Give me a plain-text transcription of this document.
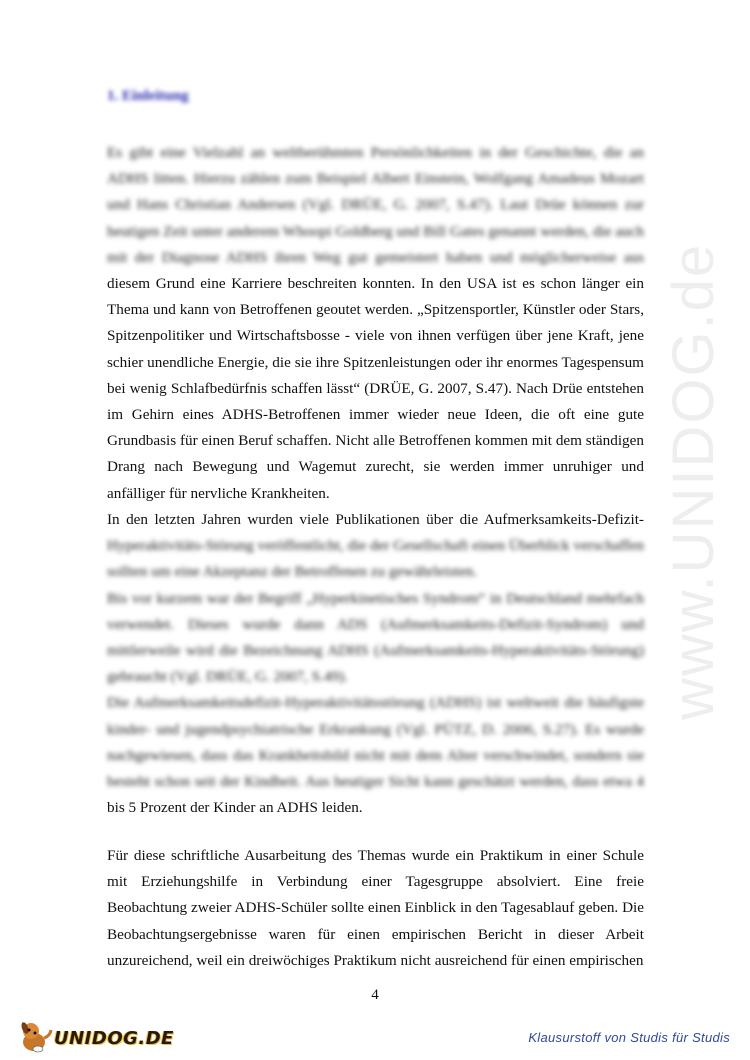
www.UNIDOG.de
1. Einleitung
Es gibt eine Vielzahl an weltberühmten Persönlichkeiten in der Geschichte, die an ADHS litten. Hierzu zählen zum Beispiel Albert Einstein, Wolfgang Amadeus Mozart und Hans Christian Andersen (Vgl. DRÜE, G. 2007, S.47). Laut Drüe können zur heutigen Zeit unter anderem Whoopi Goldberg und Bill Gates genannt werden, die auch mit der Diagnose ADHS ihren Weg gut gemeistert haben und möglicherweise aus diesem Grund eine Karriere beschreiten konnten. In den USA ist es schon länger ein Thema und kann von Betroffenen geoutet werden. „Spitzensportler, Künstler oder Stars, Spitzenpolitiker und Wirtschaftsbosse - viele von ihnen verfügen über jene Kraft, jene schier unendliche Energie, die sie ihre Spitzenleistungen oder ihr enormes Tagespensum bei wenig Schlafbedürfnis schaffen lässt“ (DRÜE, G. 2007, S.47). Nach Drüe entstehen im Gehirn eines ADHS-Betroffenen immer wieder neue Ideen, die oft eine gute Grundbasis für einen Beruf schaffen. Nicht alle Betroffenen kommen mit dem ständigen Drang nach Bewegung und Wagemut zurecht, sie werden immer unruhiger und anfälliger für nervliche Krankheiten.
In den letzten Jahren wurden viele Publikationen über die Aufmerksamkeits-Defizit- Hyperaktivitäts-Störung veröffentlicht, die der Gesellschaft einen Überblick verschaffen sollten um eine Akzeptanz der Betroffenen zu gewährleisten.
Bis vor kurzem war der Begriff „Hyperkinetisches Syndrom“ in Deutschland mehrfach verwendet. Dieses wurde dann ADS (Aufmerksamkeits-Defizit-Syndrom) und mittlerweile wird die Bezeichnung ADHS (Aufmerksamkeits-Hyperaktivitäts-Störung) gebraucht (Vgl. DRÜE, G. 2007, S.49).
Die Aufmerksamkeitsdefizit-Hyperaktivitätsstörung (ADHS) ist weltweit die häufigste kinder- und jugendpsychiatrische Erkrankung (Vgl. PÜTZ, D. 2006, S.27). Es wurde nachgewiesen, dass das Krankheitsbild nicht mit dem Alter verschwindet, sondern sie besteht schon seit der Kindheit. Aus heutiger Sicht kann geschätzt werden, dass etwa 4 bis 5 Prozent der Kinder an ADHS leiden.
Für diese schriftliche Ausarbeitung des Themas wurde ein Praktikum in einer Schule mit Erziehungshilfe in Verbindung einer Tagesgruppe absolviert. Eine freie Beobachtung zweier ADHS-Schüler sollte einen Einblick in den Tagesablauf geben. Die Beobachtungsergebnisse waren für einen empirischen Bericht in dieser Arbeit unzureichend, weil ein dreiwöchiges Praktikum nicht ausreichend für einen empirischen
4
UNIDOG.DE	Klausurstoff von Studis für Studis
